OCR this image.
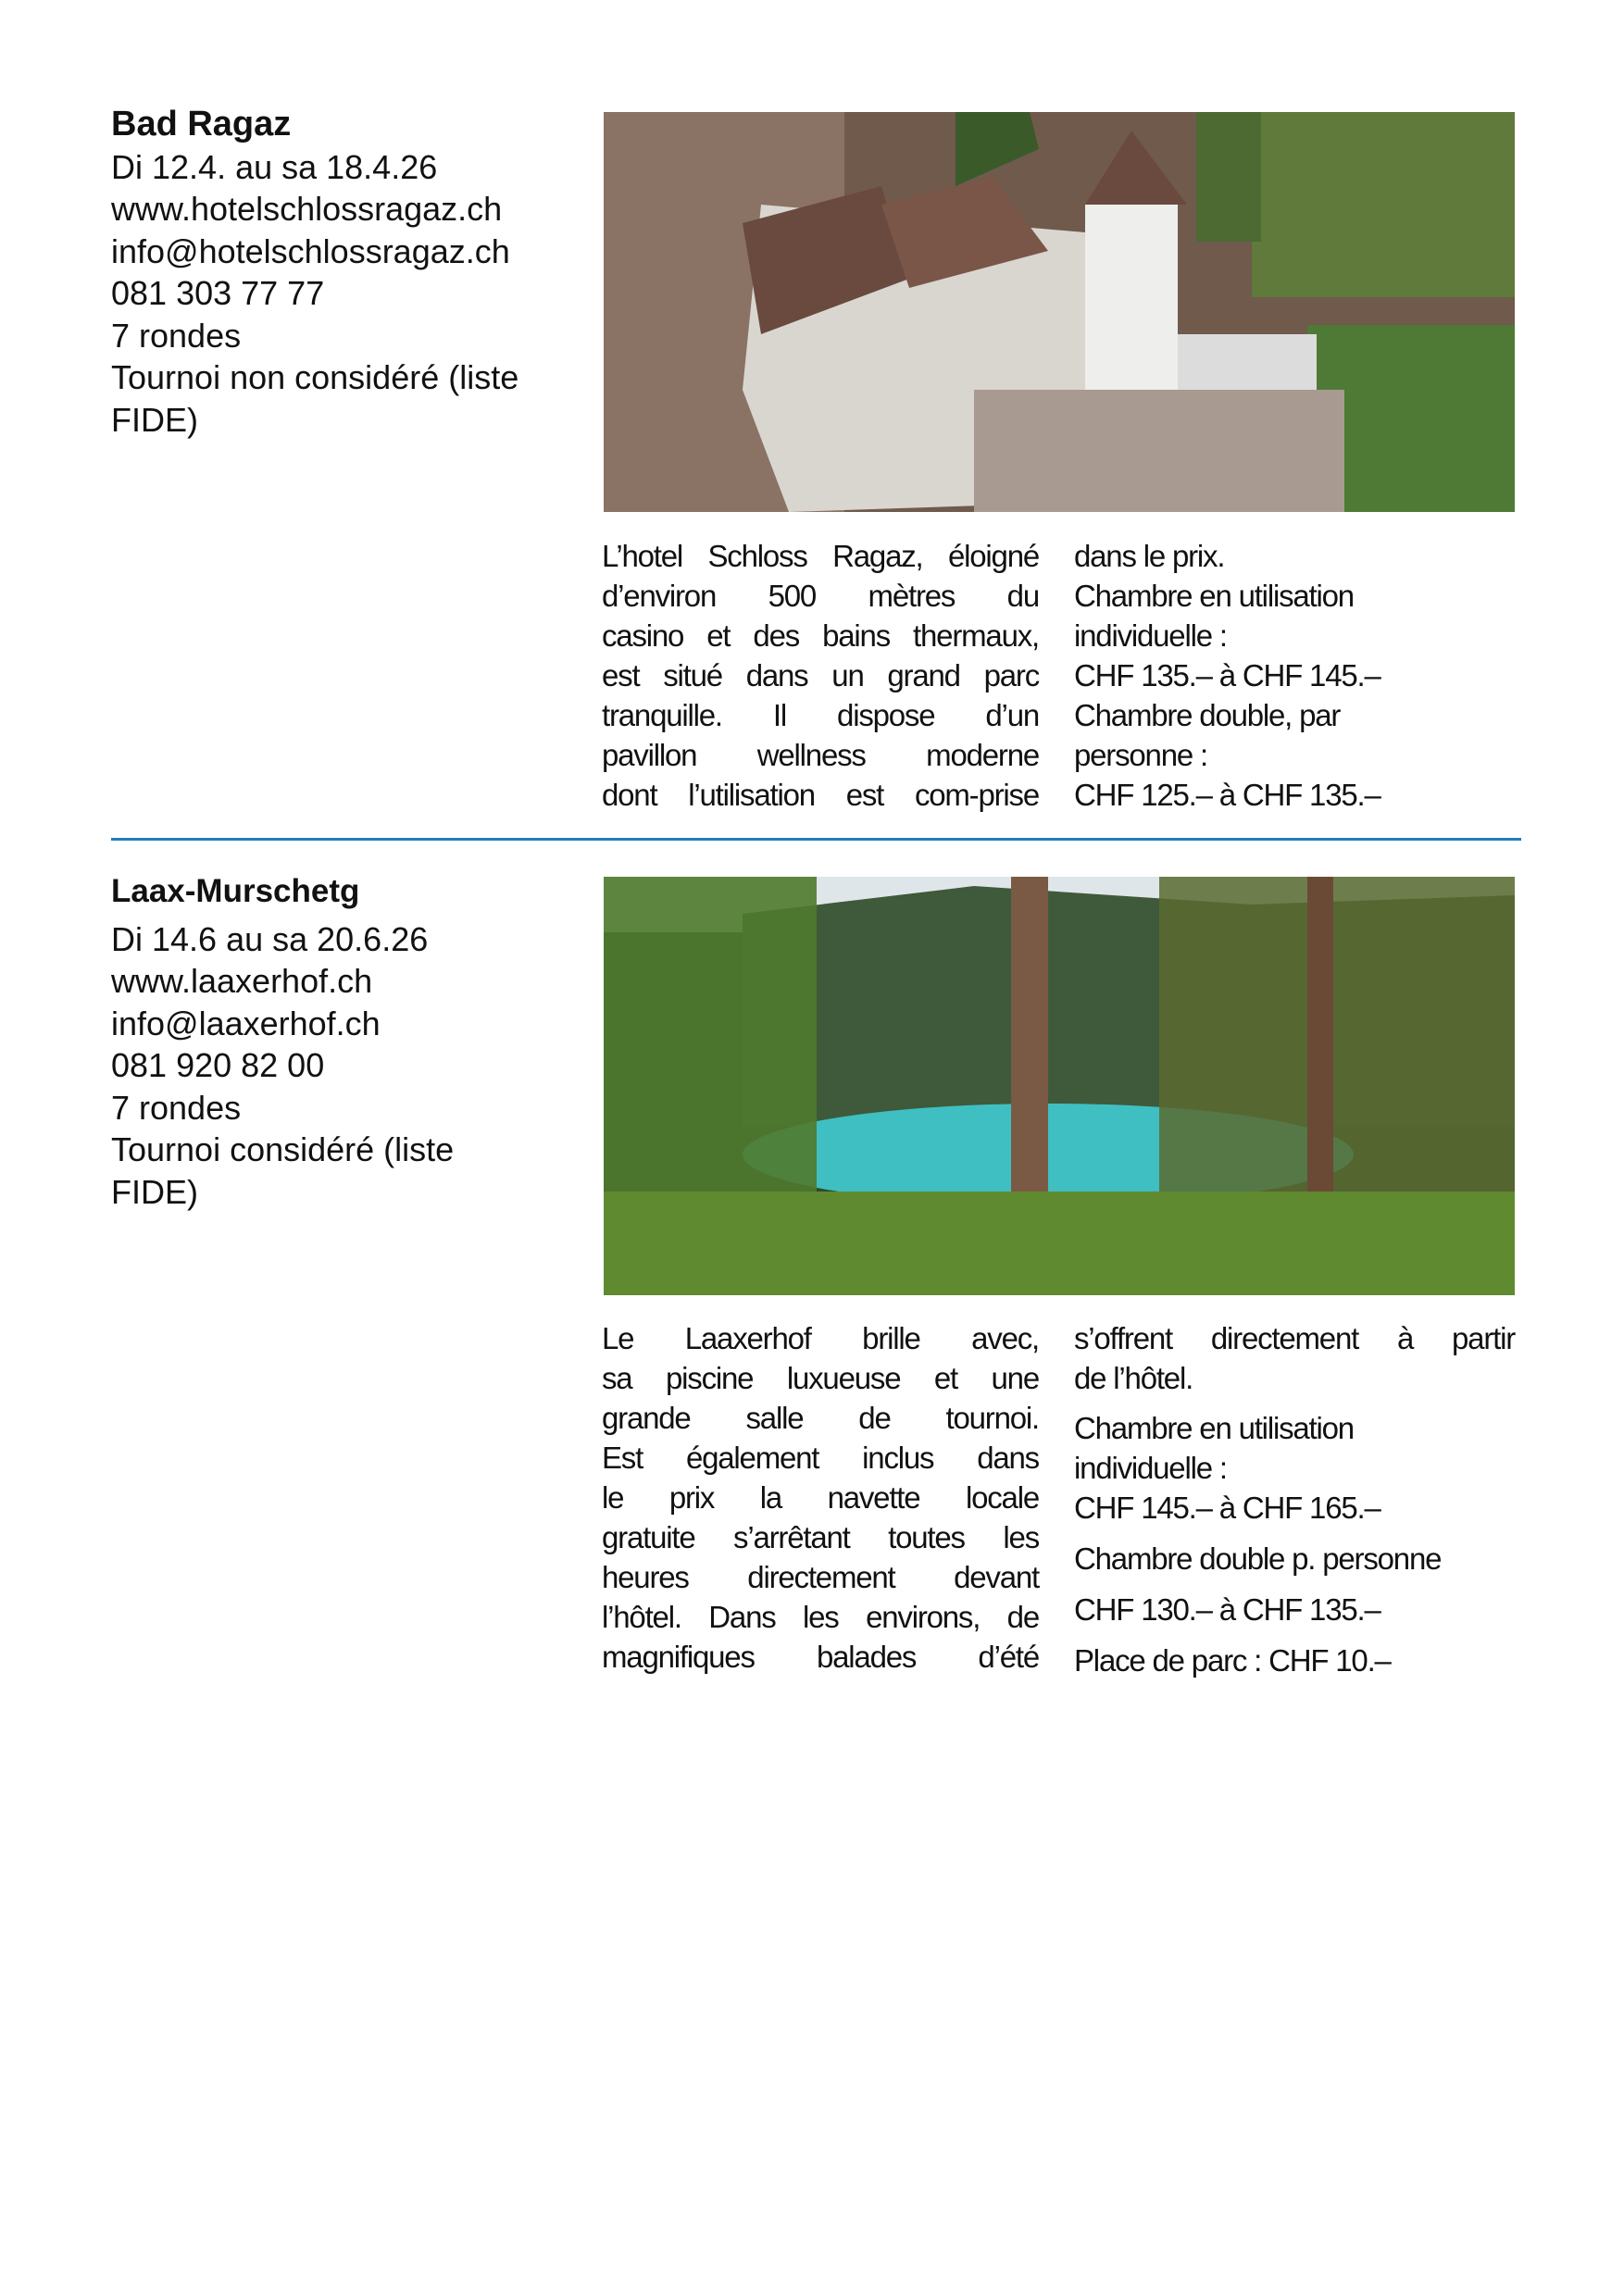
Bad Ragaz
Di 12.4. au sa 18.4.26
www.hotelschlossragaz.ch
info@hotelschlossragaz.ch
081 303 77 77
7 rondes
Tournoi non considéré (liste FIDE)

L’hotel Schloss Ragaz, éloigné

d’environ 500 mètres du

casino et des bains thermaux,

est situé dans un grand parc

tranquille. Il dispose d’un

pavillon wellness moderne

dont l’utilisation est com-prise

dans le prix.

Chambre en utilisation

individuelle :

CHF 135.– à CHF 145.–

Chambre double, par

personne :

CHF 125.– à CHF 135.–

Laax-Murschetg
Di 14.6 au sa 20.6.26
www.laaxerhof.ch
info@laaxerhof.ch
081 920 82 00
7 rondes
Tournoi considéré (liste FIDE)

Le Laaxerhof brille avec,

sa piscine luxueuse et une

grande salle de tournoi.

Est également inclus dans

le prix la navette locale

gratuite s’arrêtant toutes les

heures directement devant

l’hôtel. Dans les environs, de

magnifiques balades d’été

s’offrent directement à partir

de l’hôtel.

Chambre en utilisation

individuelle :

CHF 145.– à CHF 165.–

Chambre double p. personne

CHF 130.– à CHF 135.–

Place de parc : CHF 10.–
